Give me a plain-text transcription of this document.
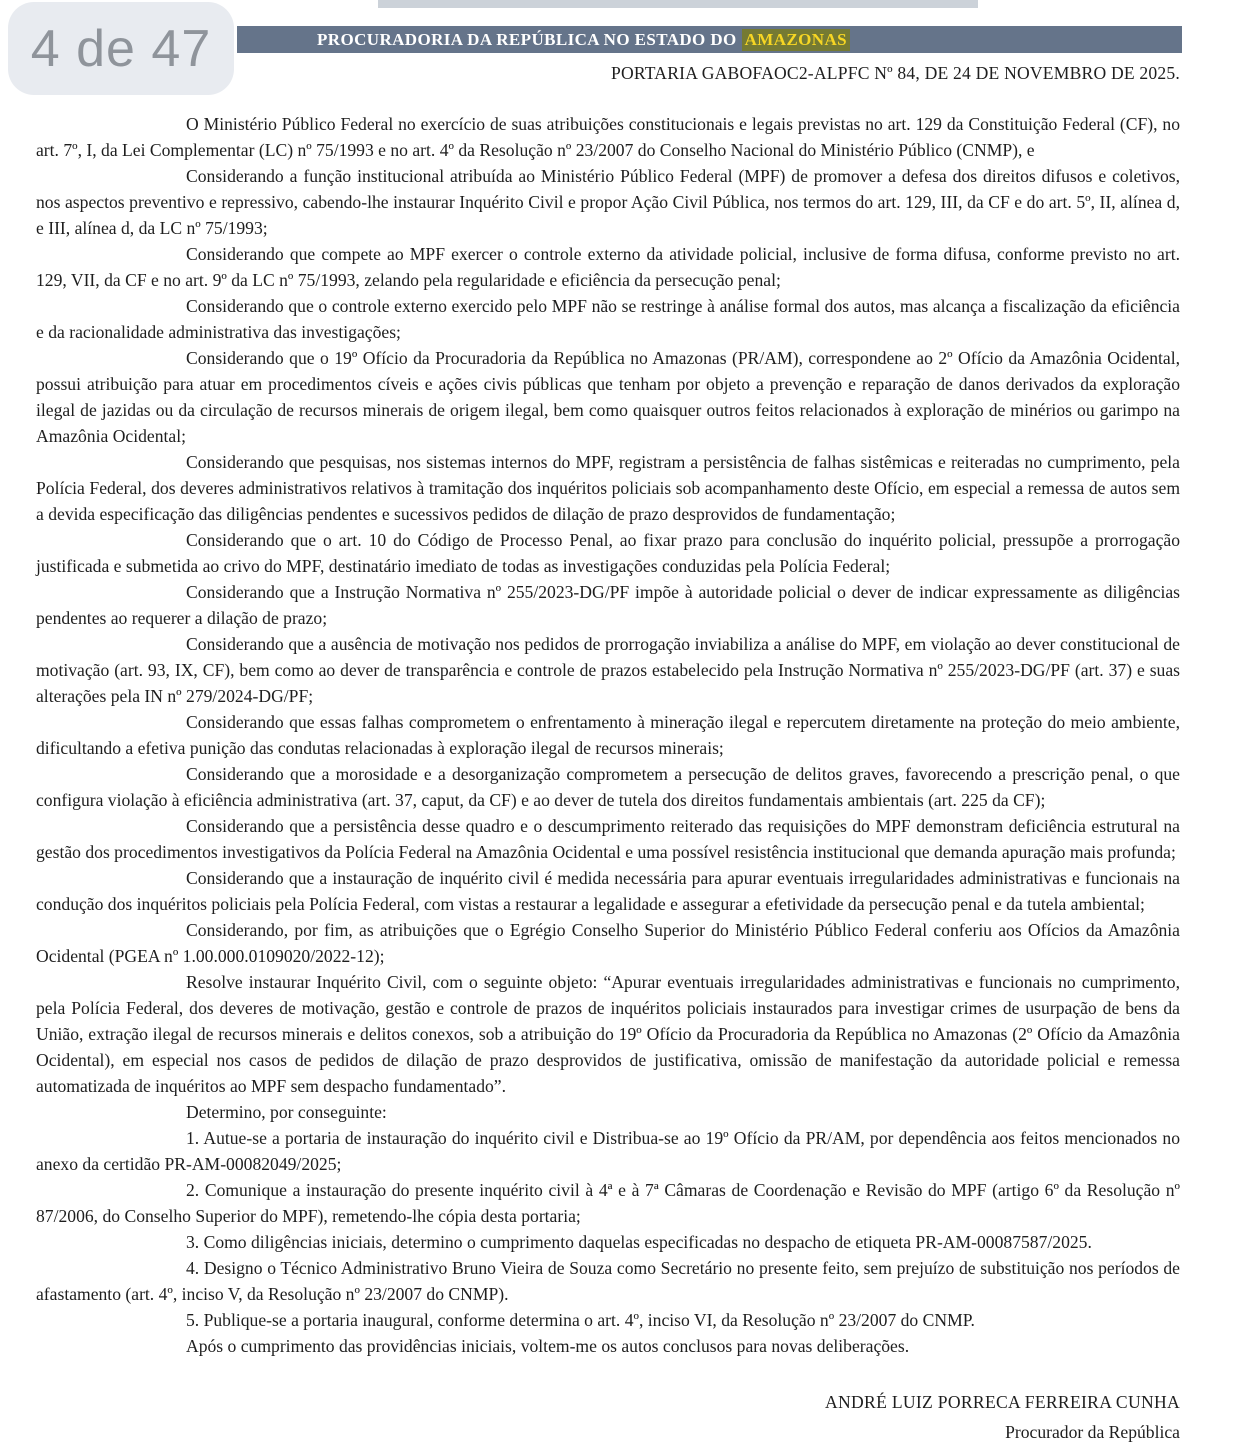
4 de 47	PROCURADORIA DA REPÚBLICA NO ESTADO DO AMAZONAS
PORTARIA GABOFAOC2-ALPFC Nº 84, DE 24 DE NOVEMBRO DE 2025.

O Ministério Público Federal no exercício de suas atribuições constitucionais e legais previstas no art. 129 da Constituição Federal (CF), no art. 7º, I, da Lei Complementar (LC) nº 75/1993 e no art. 4º da Resolução nº 23/2007 do Conselho Nacional do Ministério Público (CNMP), e

Considerando a função institucional atribuída ao Ministério Público Federal (MPF) de promover a defesa dos direitos difusos e coletivos, nos aspectos preventivo e repressivo, cabendo-lhe instaurar Inquérito Civil e propor Ação Civil Pública, nos termos do art. 129, III, da CF e do art. 5º, II, alínea d, e III, alínea d, da LC nº 75/1993;

Considerando que compete ao MPF exercer o controle externo da atividade policial, inclusive de forma difusa, conforme previsto no art. 129, VII, da CF e no art. 9º da LC nº 75/1993, zelando pela regularidade e eficiência da persecução penal;

Considerando que o controle externo exercido pelo MPF não se restringe à análise formal dos autos, mas alcança a fiscalização da eficiência e da racionalidade administrativa das investigações;

Considerando que o 19º Ofício da Procuradoria da República no Amazonas (PR/AM), correspondene ao 2º Ofício da Amazônia Ocidental, possui atribuição para atuar em procedimentos cíveis e ações civis públicas que tenham por objeto a prevenção e reparação de danos derivados da exploração ilegal de jazidas ou da circulação de recursos minerais de origem ilegal, bem como quaisquer outros feitos relacionados à exploração de minérios ou garimpo na Amazônia Ocidental;

Considerando que pesquisas, nos sistemas internos do MPF, registram a persistência de falhas sistêmicas e reiteradas no cumprimento, pela Polícia Federal, dos deveres administrativos relativos à tramitação dos inquéritos policiais sob acompanhamento deste Ofício, em especial a remessa de autos sem a devida especificação das diligências pendentes e sucessivos pedidos de dilação de prazo desprovidos de fundamentação;

Considerando que o art. 10 do Código de Processo Penal, ao fixar prazo para conclusão do inquérito policial, pressupõe a prorrogação justificada e submetida ao crivo do MPF, destinatário imediato de todas as investigações conduzidas pela Polícia Federal;

Considerando que a Instrução Normativa nº 255/2023-DG/PF impõe à autoridade policial o dever de indicar expressamente as diligências pendentes ao requerer a dilação de prazo;

Considerando que a ausência de motivação nos pedidos de prorrogação inviabiliza a análise do MPF, em violação ao dever constitucional de motivação (art. 93, IX, CF), bem como ao dever de transparência e controle de prazos estabelecido pela Instrução Normativa nº 255/2023-DG/PF (art. 37) e suas alterações pela IN nº 279/2024-DG/PF;

Considerando que essas falhas comprometem o enfrentamento à mineração ilegal e repercutem diretamente na proteção do meio ambiente, dificultando a efetiva punição das condutas relacionadas à exploração ilegal de recursos minerais;

Considerando que a morosidade e a desorganização comprometem a persecução de delitos graves, favorecendo a prescrição penal, o que configura violação à eficiência administrativa (art. 37, caput, da CF) e ao dever de tutela dos direitos fundamentais ambientais (art. 225 da CF);

Considerando que a persistência desse quadro e o descumprimento reiterado das requisições do MPF demonstram deficiência estrutural na gestão dos procedimentos investigativos da Polícia Federal na Amazônia Ocidental e uma possível resistência institucional que demanda apuração mais profunda;

Considerando que a instauração de inquérito civil é medida necessária para apurar eventuais irregularidades administrativas e funcionais na condução dos inquéritos policiais pela Polícia Federal, com vistas a restaurar a legalidade e assegurar a efetividade da persecução penal e da tutela ambiental;

Considerando, por fim, as atribuições que o Egrégio Conselho Superior do Ministério Público Federal conferiu aos Ofícios da Amazônia Ocidental (PGEA nº 1.00.000.0109020/2022-12);

Resolve instaurar Inquérito Civil, com o seguinte objeto: “Apurar eventuais irregularidades administrativas e funcionais no cumprimento, pela Polícia Federal, dos deveres de motivação, gestão e controle de prazos de inquéritos policiais instaurados para investigar crimes de usurpação de bens da União, extração ilegal de recursos minerais e delitos conexos, sob a atribuição do 19º Ofício da Procuradoria da República no Amazonas (2º Ofício da Amazônia Ocidental), em especial nos casos de pedidos de dilação de prazo desprovidos de justificativa, omissão de manifestação da autoridade policial e remessa automatizada de inquéritos ao MPF sem despacho fundamentado”.

Determino, por conseguinte:

1. Autue-se a portaria de instauração do inquérito civil e Distribua-se ao 19º Ofício da PR/AM, por dependência aos feitos mencionados no anexo da certidão PR-AM-00082049/2025;

2. Comunique a instauração do presente inquérito civil à 4ª e à 7ª Câmaras de Coordenação e Revisão do MPF (artigo 6º da Resolução nº 87/2006, do Conselho Superior do MPF), remetendo-lhe cópia desta portaria;

3. Como diligências iniciais, determino o cumprimento daquelas especificadas no despacho de etiqueta PR-AM-00087587/2025.

4. Designo o Técnico Administrativo Bruno Vieira de Souza como Secretário no presente feito, sem prejuízo de substituição nos períodos de afastamento (art. 4º, inciso V, da Resolução nº 23/2007 do CNMP).

5. Publique-se a portaria inaugural, conforme determina o art. 4º, inciso VI, da Resolução nº 23/2007 do CNMP.

Após o cumprimento das providências iniciais, voltem-me os autos conclusos para novas deliberações.

ANDRÉ LUIZ PORRECA FERREIRA CUNHA
Procurador da República
